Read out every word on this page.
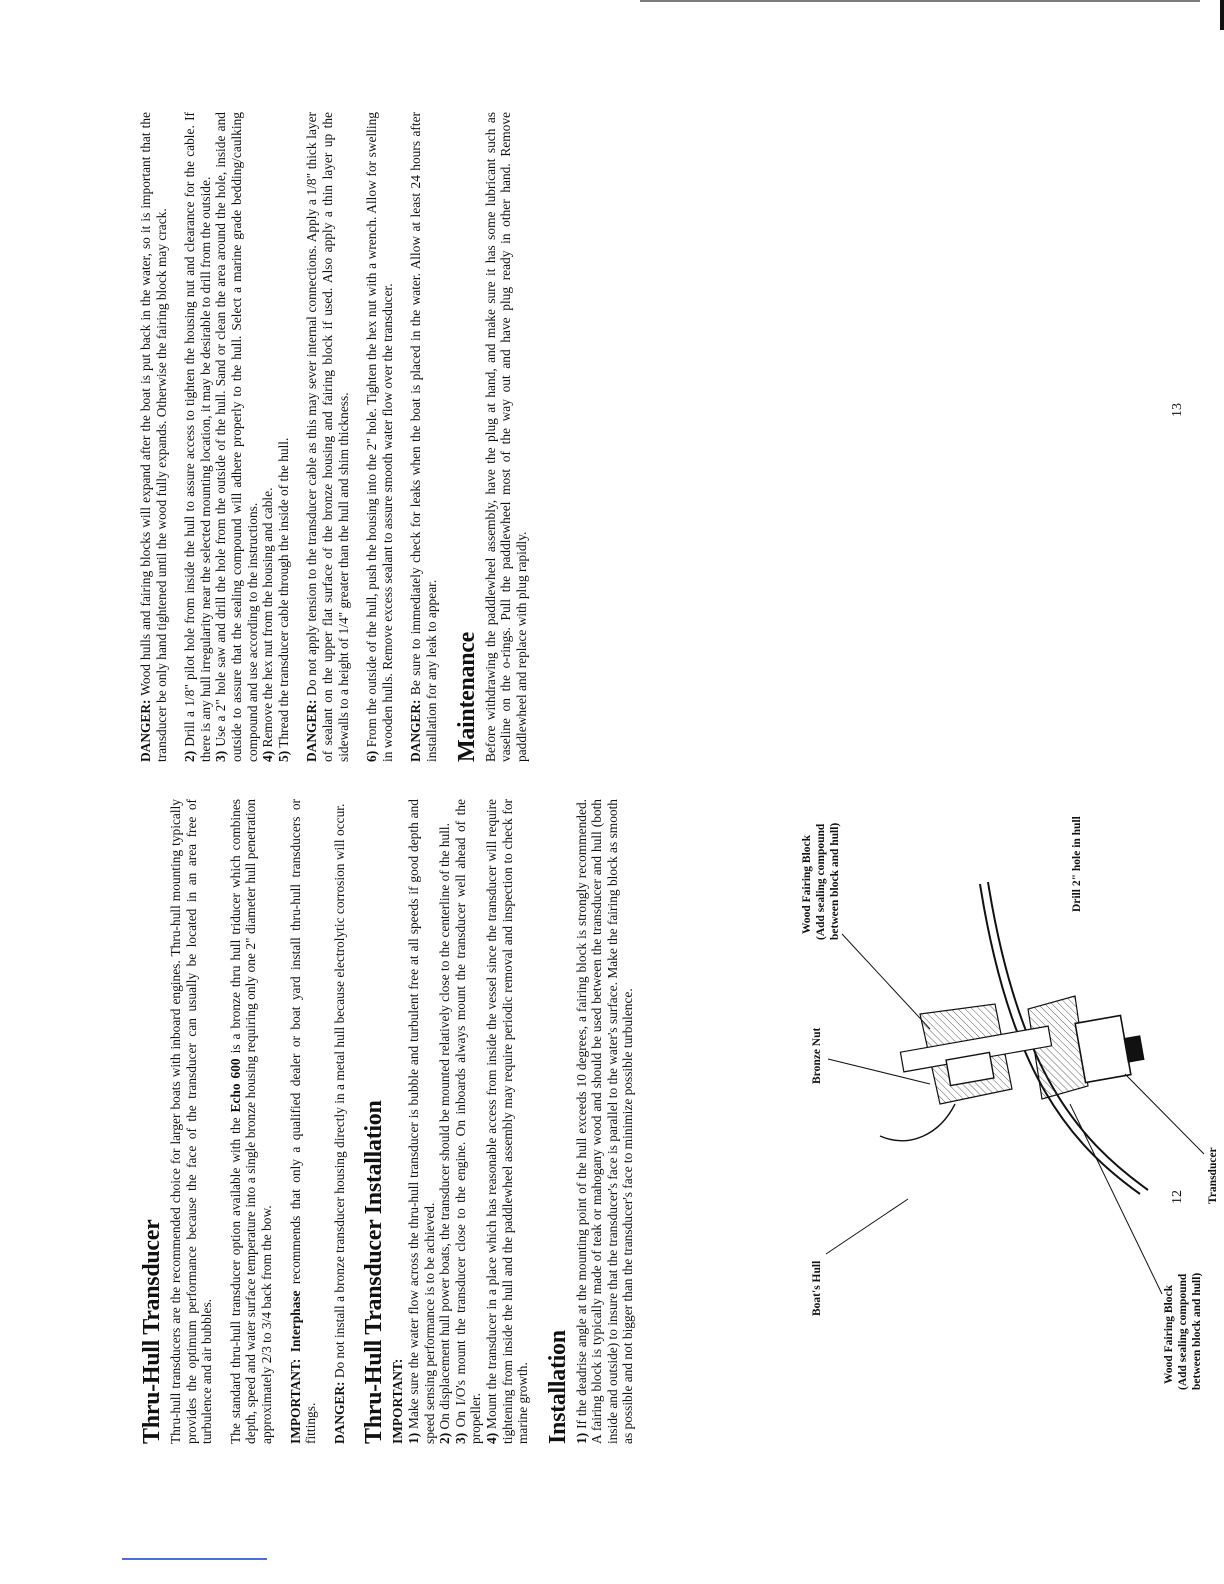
Thru-Hull Transducer Thru-hull transducers are the recommended choice for larger boats with inboard engines. Thru-hull mounting typically provides the optimum performance because the face of the transducer can usually be located in an area free of turbulence and air bubbles. The standard thru-hull transducer option available with the Echo 600 is a bronze thru hull triducer which combines depth, speed and water surface temperature into a single bronze housing requiring only one 2" diameter hull penetration approximately 2/3 to 3/4 back from the bow. IMPORTANT: Interphase recommends that only a qualified dealer or boat yard install thru-hull transducers or fittings. DANGER: Do not install a bronze transducer housing directly in a metal hull because electrolytic corrosion will occur. Thru-Hull Transducer Installation IMPORTANT: 1) Make sure the water flow across the thru-hull transducer is bubble and turbulent free at all speeds if good depth and speed sensing performance is to be achieved. 2) On displacement hull power boats, the transducer should be mounted relatively close to the centerline of the hull.

3) On I/O's mount the transducer close to the engine. On inboards always mount the transducer well ahead of the propeller. 4) Mount the transducer in a place which has reasonable access from inside the vessel since the transducer will require tightening from inside the hull and the paddlewheel assembly may require periodic removal and inspection to check for marine growth. Installation 1) If the deadrise angle at the mounting point of the hull exceeds 10 degrees, a fairing block is strongly recommended. A fairing block is typically made of teak or mahogany wood and should be used between the transducer and hull (both inside and outside) to insure that the transducer's face is parallel to the water's surface. Make the fairing block as smooth as possible and not bigger than the transducer's face to minimize possible turbulence.	12

DANGER: Wood hulls and fairing blocks will expand after the boat is put back in the water, so it is important that the transducer be only hand tightened until the wood fully expands. Otherwise the fairing block may crack. 2) Drill a 1/8" pilot hole from inside the hull to assure access to tighten the housing nut and clearance for the cable. If there is any hull irregularity near the selected mounting location, it may be desirable to drill from the outside. 3) Use a 2" hole saw and drill the hole from the outside of the hull. Sand or clean the area around the hole, inside and outside to assure that the sealing compound will adhere properly to the hull. Select a marine grade bedding/caulking compound and use according to the instructions. 4) Remove the hex nut from the housing and cable.

5) Thread the transducer cable through the inside of the hull. DANGER: Do not apply tension to the transducer cable as this may sever internal connections. Apply a 1/8" thick layer of sealant on the upper flat surface of the bronze housing and fairing block if used. Also apply a thin layer up the sidewalls to a height of 1/4" greater than the hull and shim thickness. 6) From the outside of the hull, push the housing into the 2" hole. Tighten the hex nut with a wrench. Allow for swelling in wooden hulls. Remove excess sealant to assure smooth water flow over the transducer. DANGER: Be sure to immediately check for leaks when the boat is placed in the water. Allow at least 24 hours after installation for any leak to appear. Maintenance Before withdrawing the paddlewheel assembly, have the plug at hand, and make sure it has some lubricant such as vaseline on the o-rings. Pull the paddlewheel most of the way out and have plug ready in other hand. Remove paddlewheel and replace with plug rapidly.

13
Boat's Hull
Bronze Nut
Wood Fairing Block (Add sealing compound between block and hull)	Drill 2" hole in hull
Wood Fairing Block (Add sealing compound between block and hull)
Transducer
